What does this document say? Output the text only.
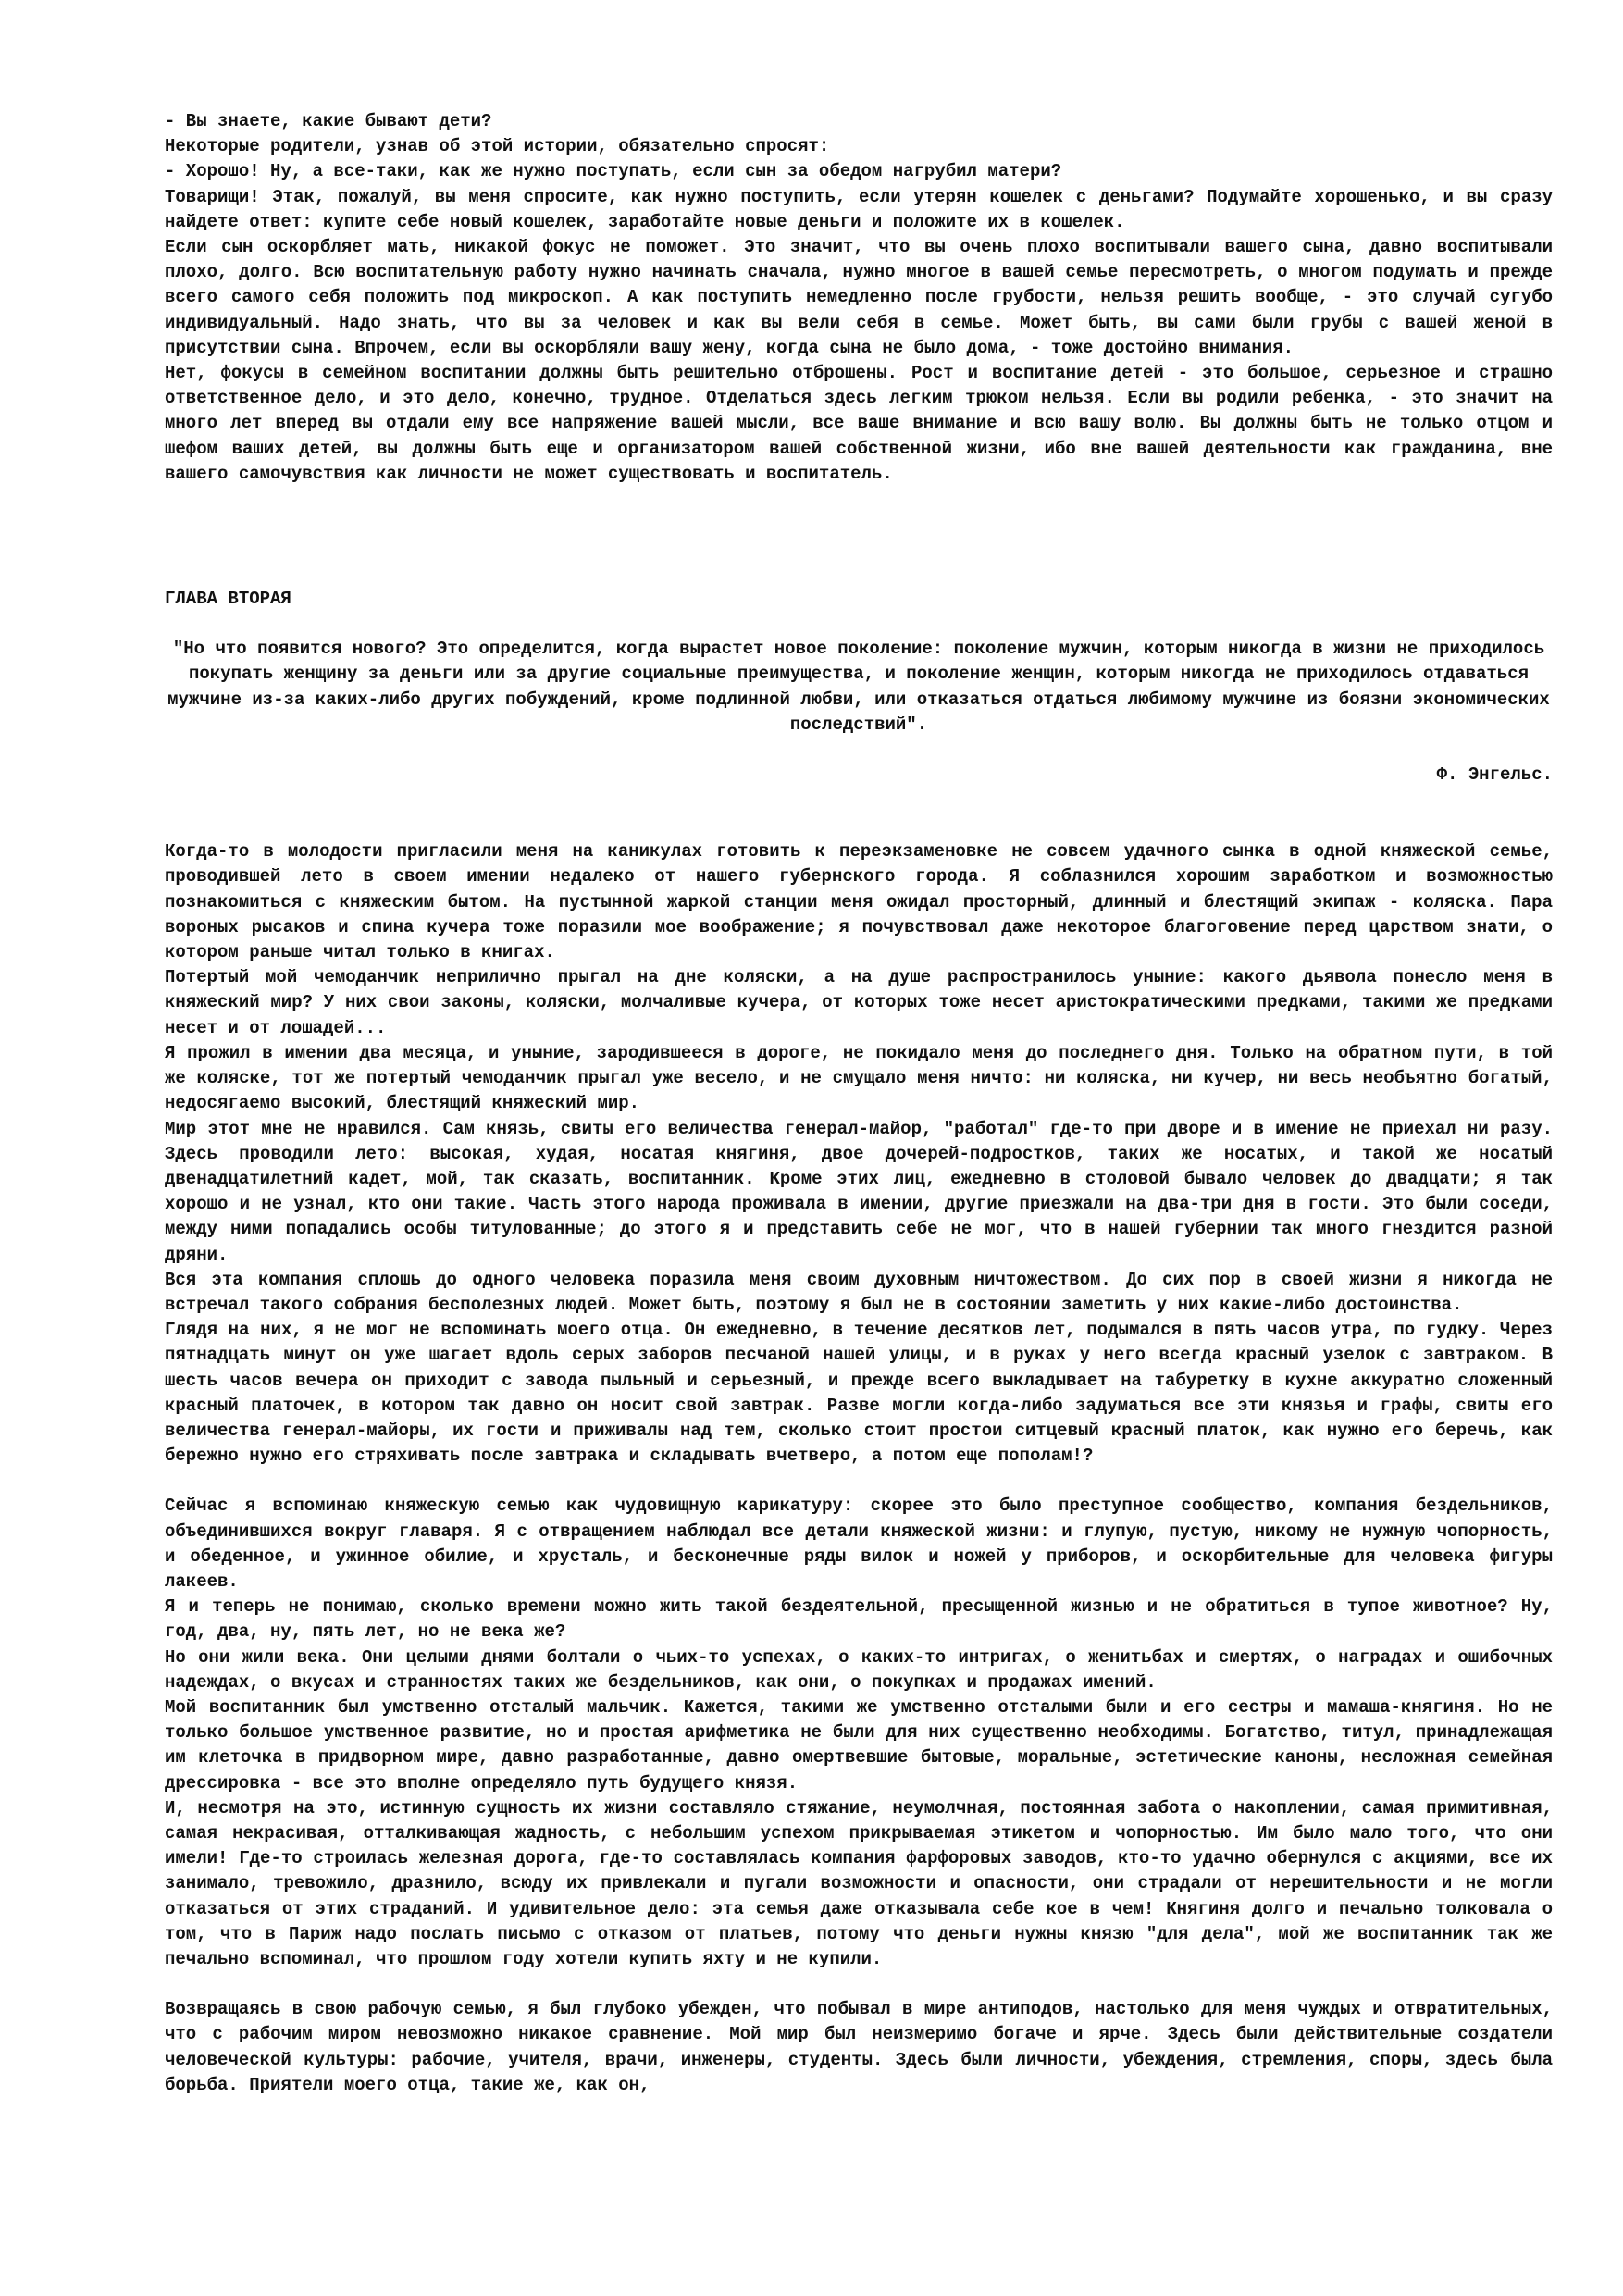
- Вы знаете, какие бывают дети?

Некоторые родители, узнав об этой истории, обязательно спросят:

- Хорошо! Ну, а все-таки, как же нужно поступать, если сын за обедом нагрубил матери?

Товарищи! Этак, пожалуй, вы меня спросите, как нужно поступить, если утерян кошелек с деньгами? Подумайте хорошенько, и вы сразу найдете ответ: купите себе новый кошелек, заработайте новые деньги и положите их в кошелек.

Если сын оскорбляет мать, никакой фокус не поможет. Это значит, что вы очень плохо воспитывали вашего сына, давно воспитывали плохо, долго. Всю воспитательную работу нужно начинать сначала, нужно многое в вашей семье пересмотреть, о многом подумать и прежде всего самого себя положить под микроскоп. А как поступить немедленно после грубости, нельзя решить вообще, - это случай сугубо индивидуальный. Надо знать, что вы за человек и как вы вели себя в семье. Может быть, вы сами были грубы с вашей женой в присутствии сына. Впрочем, если вы оскорбляли вашу жену, когда сына не было дома, - тоже достойно внимания.

Нет, фокусы в семейном воспитании должны быть решительно отброшены. Рост и воспитание детей - это большое, серьезное и страшно ответственное дело, и это дело, конечно, трудное. Отделаться здесь легким трюком нельзя. Если вы родили ребенка, - это значит на много лет вперед вы отдали ему все напряжение вашей мысли, все ваше внимание и всю вашу волю. Вы должны быть не только отцом и шефом ваших детей, вы должны быть еще и организатором вашей собственной жизни, ибо вне вашей деятельности как гражданина, вне вашего самочувствия как личности не может существовать и воспитатель.

ГЛАВА ВТОРАЯ

"Но что появится нового? Это определится, когда вырастет новое поколение: поколение мужчин, которым никогда в жизни не приходилось покупать женщину за деньги или за другие социальные преимущества, и поколение женщин, которым никогда не приходилось отдаваться мужчине из-за каких-либо других побуждений, кроме подлинной любви, или отказаться отдаться любимому мужчине из боязни экономических последствий".

Ф. Энгельс.

Когда-то в молодости пригласили меня на каникулах готовить к переэкзаменовке не совсем удачного сынка в одной княжеской семье, проводившей лето в своем имении недалеко от нашего губернского города. Я соблазнился хорошим заработком и возможностью познакомиться с княжеским бытом. На пустынной жаркой станции меня ожидал просторный, длинный и блестящий экипаж - коляска. Пара вороных рысаков и спина кучера тоже поразили мое воображение; я почувствовал даже некоторое благоговение перед царством знати, о котором раньше читал только в книгах.

Потертый мой чемоданчик неприлично прыгал на дне коляски, а на душе распространилось уныние: какого дьявола понесло меня в княжеский мир? У них свои законы, коляски, молчаливые кучера, от которых тоже несет аристократическими предками, такими же предками несет и от лошадей...

Я прожил в имении два месяца, и уныние, зародившееся в дороге, не покидало меня до последнего дня. Только на обратном пути, в той же коляске, тот же потертый чемоданчик прыгал уже весело, и не смущало меня ничто: ни коляска, ни кучер, ни весь необъятно богатый, недосягаемо высокий, блестящий княжеский мир.

Мир этот мне не нравился. Сам князь, свиты его величества генерал-майор, "работал" где-то при дворе и в имение не приехал ни разу. Здесь проводили лето: высокая, худая, носатая княгиня, двое дочерей-подростков, таких же носатых, и такой же носатый двенадцатилетний кадет, мой, так сказать, воспитанник. Кроме этих лиц, ежедневно в столовой бывало человек до двадцати; я так хорошо и не узнал, кто они такие. Часть этого народа проживала в имении, другие приезжали на два-три дня в гости. Это были соседи, между ними попадались особы титулованные; до этого я и представить себе не мог, что в нашей губернии так много гнездится разной дряни.

Вся эта компания сплошь до одного человека поразила меня своим духовным ничтожеством. До сих пор в своей жизни я никогда не встречал такого собрания бесполезных людей. Может быть, поэтому я был не в состоянии заметить у них какие-либо достоинства.

Глядя на них, я не мог не вспоминать моего отца. Он ежедневно, в течение десятков лет, подымался в пять часов утра, по гудку. Через пятнадцать минут он уже шагает вдоль серых заборов песчаной нашей улицы, и в руках у него всегда красный узелок с завтраком. В шесть часов вечера он приходит с завода пыльный и серьезный, и прежде всего выкладывает на табуретку в кухне аккуратно сложенный красный платочек, в котором так давно он носит свой завтрак. Разве могли когда-либо задуматься все эти князья и графы, свиты его величества генерал-майоры, их гости и приживалы над тем, сколько стоит простои ситцевый красный платок, как нужно его беречь, как бережно нужно его стряхивать после завтрака и складывать вчетверо, а потом еще пополам!?

Сейчас я вспоминаю княжескую семью как чудовищную карикатуру: скорее это было преступное сообщество, компания бездельников, объединившихся вокруг главаря. Я с отвращением наблюдал все детали княжеской жизни: и глупую, пустую, никому не нужную чопорность, и обеденное, и ужинное обилие, и хрусталь, и бесконечные ряды вилок и ножей у приборов, и оскорбительные для человека фигуры лакеев.

Я и теперь не понимаю, сколько времени можно жить такой бездеятельной, пресыщенной жизнью и не обратиться в тупое животное? Ну, год, два, ну, пять лет, но не века же?

Но они жили века. Они целыми днями болтали о чьих-то успехах, о каких-то интригах, о женитьбах и смертях, о наградах и ошибочных надеждах, о вкусах и странностях таких же бездельников, как они, о покупках и продажах имений.

Мой воспитанник был умственно отсталый мальчик. Кажется, такими же умственно отсталыми были и его сестры и мамаша-княгиня. Но не только большое умственное развитие, но и простая арифметика не были для них существенно необходимы. Богатство, титул, принадлежащая им клеточка в придворном мире, давно разработанные, давно омертвевшие бытовые, моральные, эстетические каноны, несложная семейная дрессировка - все это вполне определяло путь будущего князя.

И, несмотря на это, истинную сущность их жизни составляло стяжание, неумолчная, постоянная забота о накоплении, самая примитивная, самая некрасивая, отталкивающая жадность, с небольшим успехом прикрываемая этикетом и чопорностью. Им было мало того, что они имели! Где-то строилась железная дорога, где-то составлялась компания фарфоровых заводов, кто-то удачно обернулся с акциями, все их занимало, тревожило, дразнило, всюду их привлекали и пугали возможности и опасности, они страдали от нерешительности и не могли отказаться от этих страданий. И удивительное дело: эта семья даже отказывала себе кое в чем! Княгиня долго и печально толковала о том, что в Париж надо послать письмо с отказом от платьев, потому что деньги нужны князю "для дела", мой же воспитанник так же печально вспоминал, что прошлом году хотели купить яхту и не купили.

Возвращаясь в свою рабочую семью, я был глубоко убежден, что побывал в мире антиподов, настолько для меня чуждых и отвратительных, что с рабочим миром невозможно никакое сравнение. Мой мир был неизмеримо богаче и ярче. Здесь были действительные создатели человеческой культуры: рабочие, учителя, врачи, инженеры, студенты. Здесь были личности, убеждения, стремления, споры, здесь была борьба. Приятели моего отца, такие же, как он,
